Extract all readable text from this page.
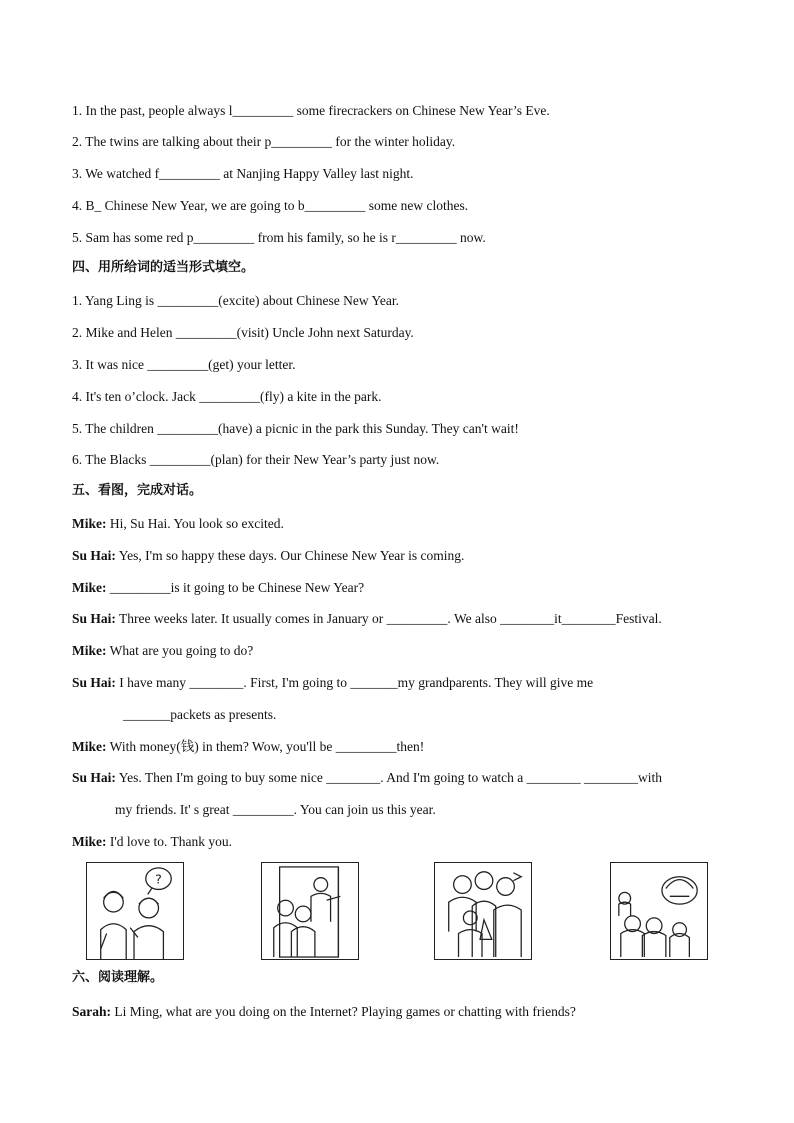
1. In the past, people always l_________ some firecrackers on Chinese New Year’s Eve.
2. The twins are talking about their p_________ for the winter holiday.
3. We watched f_________ at Nanjing Happy Valley last night.
4. B_ Chinese New Year, we are going to b_________ some new clothes.
5. Sam has some red p_________ from his family, so he is r_________ now.
四、用所给词的适当形式填空。
1. Yang Ling is _________(excite) about Chinese New Year.
2. Mike and Helen _________(visit) Uncle John next Saturday.
3. It was nice _________(get) your letter.
4. It's ten o’clock. Jack _________(fly) a kite in the park.
5. The children _________(have) a picnic in the park this Sunday. They can't wait!
6. The Blacks _________(plan) for their New Year’s party just now.
五、看图，完成对话。
Mike: Hi, Su Hai. You look so excited.
Su Hai: Yes, I'm so happy these days. Our Chinese New Year is coming.
Mike: _________is it going to be Chinese New Year?
Su Hai: Three weeks later. It usually comes in January or _________. We also ________it________Festival.
Mike: What are you going to do?
Su Hai: I have many ________. First, I'm going to _______my grandparents. They will give me
_______packets as presents.
Mike: With money(钱) in them? Wow, you'll be _________then!
Su Hai: Yes. Then I'm going to buy some nice ________. And I'm going to watch a ________ ________with
my friends. It' s great _________. You can join us this year.
Mike: I'd love to. Thank you.
?
六、阅读理解。
Sarah: Li Ming, what are you doing on the Internet? Playing games or chatting with friends?
